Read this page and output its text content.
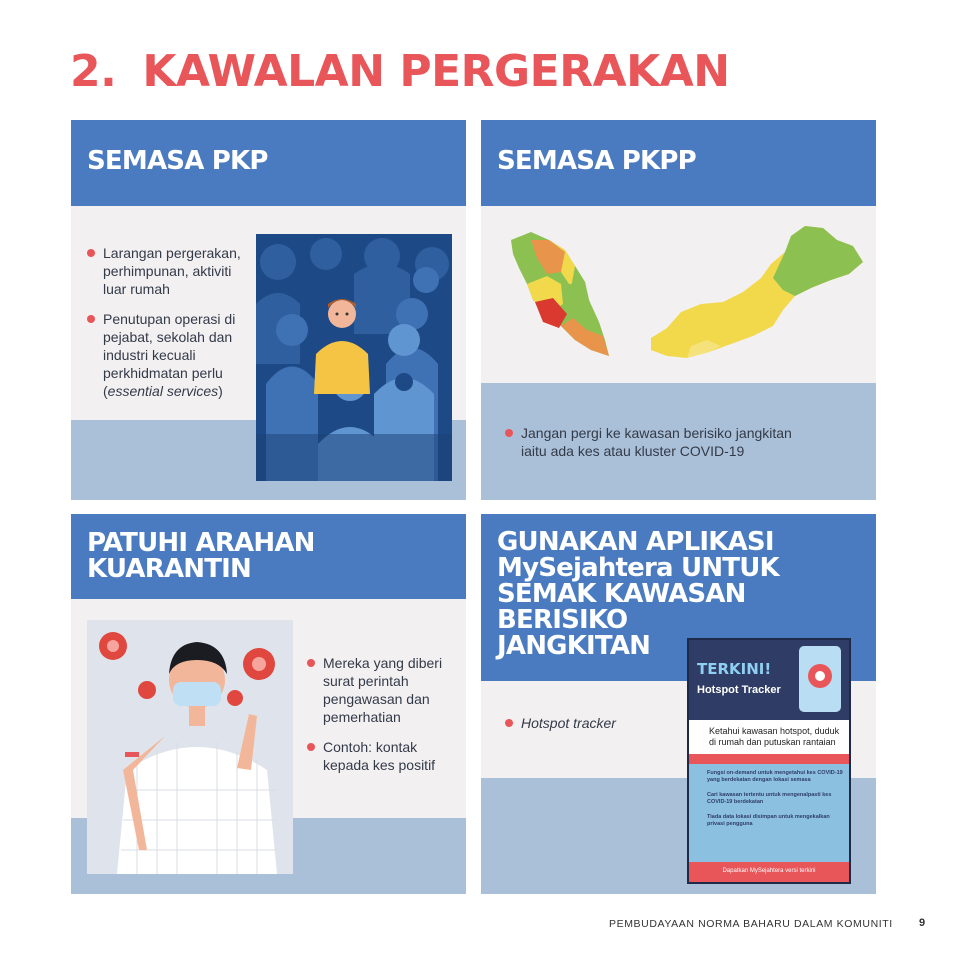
2. KAWALAN PERGERAKAN
SEMASA PKP
Larangan pergerakan, perhimpunan, aktiviti luar rumah
Penutupan operasi di pejabat, sekolah dan industri kecuali perkhidmatan perlu (essential services)
SEMASA PKPP
Jangan pergi ke kawasan berisiko jangkitan iaitu ada kes atau kluster COVID-19
PATUHI ARAHAN
KUARANTIN
Mereka yang diberi surat perintah pengawasan dan pemerhatian
Contoh: kontak kepada kes positif
GUNAKAN APLIKASI
MySejahtera UNTUK
SEMAK KAWASAN
BERISIKO
JANGKITAN
Hotspot tracker
TERKINI!
Hotspot Tracker
Ketahui kawasan hotspot, duduk di rumah dan putuskan rantaian
Fungsi on-demand untuk mengetahui kes COVID-19 yang berdekatan dengan lokasi semasa
Cari kawasan tertentu untuk mengenalpasti kes COVID-19 berdekatan
Tiada data lokasi disimpan untuk mengekalkan privasi pengguna
Dapatkan MySejahtera versi terkini
PEMBUDAYAAN NORMA BAHARU DALAM KOMUNITI 9
